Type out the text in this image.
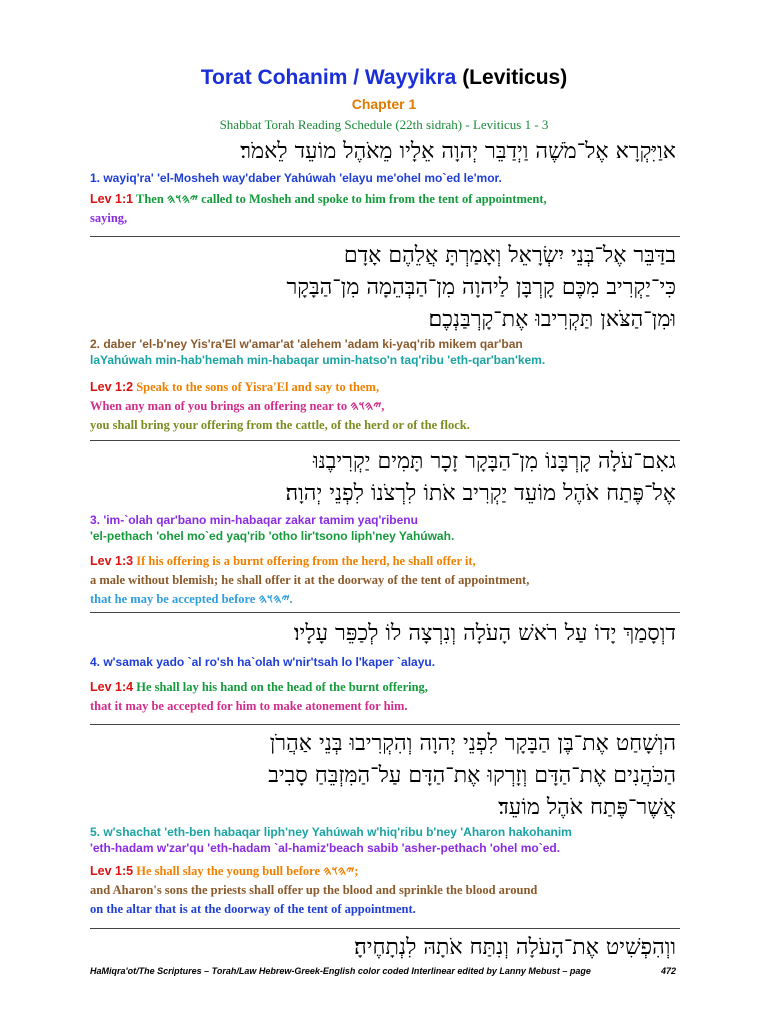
Torat Cohanim / Wayyikra (Leviticus)
Chapter 1
Shabbat Torah Reading Schedule (22th sidrah) - Leviticus 1 - 3
אוַיִּקְרָא אֶל־מֹשֶׁה וַיְדַבֵּר יְהוָה אֵלָיו מֵאֹהֶל מוֹעֵד לֵאמֹר׃
1. wayiq'ra' 'el-Mosheh way'daber Yahúwah 'elayu me'ohel mo`ed le'mor.
Lev 1:1 Then 𐤉𐤄𐤅𐤄 called to Mosheh and spoke to him from the tent of appointment,
saying,
בדַּבֵּר אֶל־בְּנֵי יִשְׂרָאֵל וְאָמַרְתָּ אֲלֵהֶם אָדָם
כִּי־יַקְרִיב מִכֶּם קָרְבָּן לַיהוָה מִן־הַבְּהֵמָה מִן־הַבָּקָר
וּמִן־הַצֹּאן תַּקְרִיבוּ אֶת־קָרְבַּנְכֶם׃
2. daber 'el-b'ney Yis'ra'El w'amar'at 'alehem 'adam ki-yaq'rib mikem qar'ban
laYahúwah min-hab'hemah min-habaqar umin-hatso'n taq'ribu 'eth-qar'ban'kem.
Lev 1:2 Speak to the sons of Yisra'El and say to them,
When any man of you brings an offering near to 𐤉𐤄𐤅𐤄,
you shall bring your offering from the cattle, of the herd or of the flock.
גאִם־עֹלָה קָרְבָּנוֹ מִן־הַבָּקָר זָכָר תָּמִים יַקְרִיבֶנּוּ
אֶל־פֶּתַח אֹהֶל מוֹעֵד יַקְרִיב אֹתוֹ לִרְצֹנוֹ לִפְנֵי יְהוָה׃
3. 'im-`olah qar'bano min-habaqar zakar tamim yaq'ribenu
'el-pethach 'ohel mo`ed yaq'rib 'otho lir'tsono liph'ney Yahúwah.
Lev 1:3 If his offering is a burnt offering from the herd, he shall offer it,
a male without blemish; he shall offer it at the doorway of the tent of appointment,
that he may be accepted before 𐤉𐤄𐤅𐤄.
דוְסָמַךְ יָדוֹ עַל רֹאשׁ הָעֹלָה וְנִרְצָה לוֹ לְכַפֵּר עָלָיו׃
4. w'samak yado `al ro'sh ha`olah w'nir'tsah lo l'kaper `alayu.
Lev 1:4 He shall lay his hand on the head of the burnt offering,
that it may be accepted for him to make atonement for him.
הוְשָׁחַט אֶת־בֶּן הַבָּקָר לִפְנֵי יְהוָה וְהִקְרִיבוּ בְּנֵי אַהֲרֹן
הַכֹּהֲנִים אֶת־הַדָּם וְזָרְקוּ אֶת־הַדָּם עַל־הַמִּזְבֵּחַ סָבִיב
אֲשֶׁר־פֶּתַח אֹהֶל מוֹעֵד׃
5. w'shachat 'eth-ben habaqar liph'ney Yahúwah w'hiq'ribu b'ney 'Aharon hakohanim
'eth-hadam w'zar'qu 'eth-hadam `al-hamiz'beach sabib 'asher-pethach 'ohel mo`ed.
Lev 1:5 He shall slay the young bull before 𐤉𐤄𐤅𐤄;
and Aharon's sons the priests shall offer up the blood and sprinkle the blood around
on the altar that is at the doorway of the tent of appointment.
ווְהִפְשִׁיט אֶת־הָעֹלָה וְנִתַּח אֹתָהּ לִנְתָחֶיהָ׃
HaMiqra'ot/The Scriptures – Torah/Law Hebrew-Greek-English color coded Interlinear edited by Lanny Mebust – page	472
